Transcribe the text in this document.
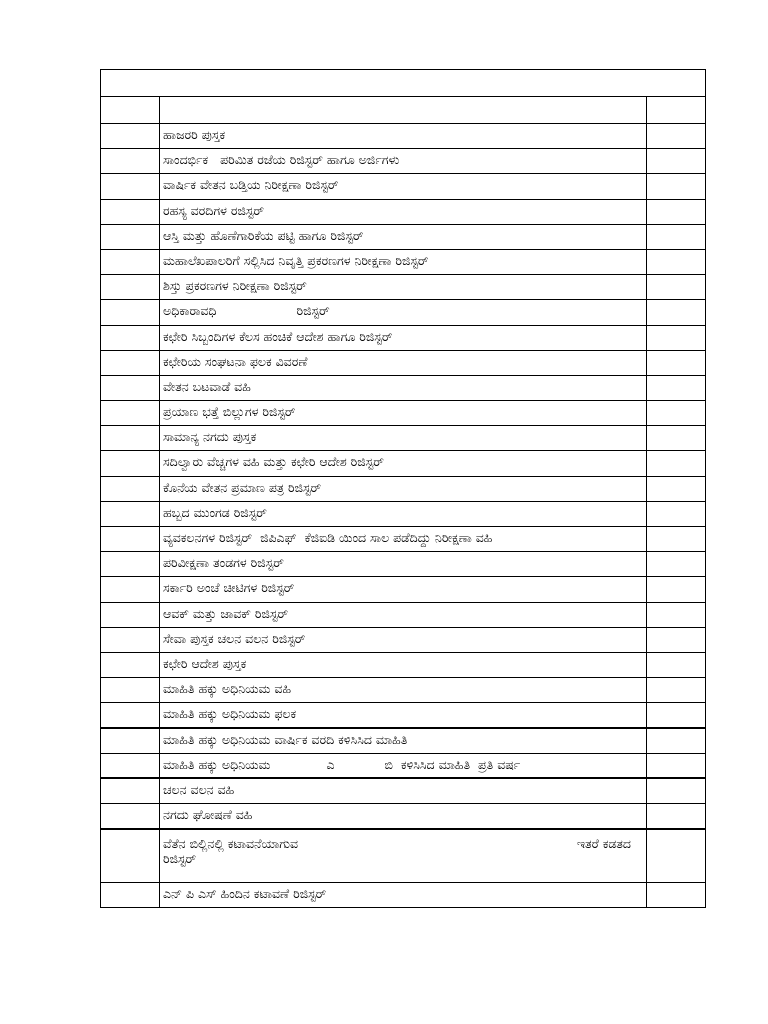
	ಹಾಜರರಿ ಪುಸ್ತಕ	
	ಸಾಂದರ್ಭಿಕ   ಪರಿಮಿತ ರಜೆಯ ರಿಜಿಸ್ಟರ್ ಹಾಗೂ ಅರ್ಜಿಗಳು	
	ವಾರ್ಷಿಕ ವೇತನ ಬಡ್ತಿಯ ನಿರೀಕ್ಷಣಾ ರಿಜಿಸ್ಟರ್	
	ರಹಸ್ಯ ವರದಿಗಳ ರಜಿಸ್ಟರ್	
	ಆಸ್ತಿ ಮತ್ತು ಹೊಣೆಗಾರಿಕೆಯ ಪಟ್ಟಿ ಹಾಗೂ ರಿಜಿಸ್ಟರ್	
	ಮಹಾಲೆಖಪಾಲರಿಗೆ ಸಲ್ಲಿಸಿದ ನಿವೃತ್ತಿ ಪ್ರಕರಣಗಳ ನಿರೀಕ್ಷಣಾ ರಿಜಿಸ್ಟರ್	
	ಶಿಸ್ತು ಪ್ರಕರಣಗಳ ನಿರೀಕ್ಷಣಾ ರಿಜಿಸ್ಟರ್	
	ಅಧಿಕಾರಾವಧಿ ರಿಜಿಸ್ಟರ್	
	ಕಛೇರಿ ಸಿಬ್ಬಂದಿಗಳ ಕೆಲಸ ಹಂಚಿಕೆ ಆದೇಶ ಹಾಗೂ ರಿಜಿಸ್ಟರ್	
	ಕಛೇರಿಯ ಸಂಘಟನಾ ಫಲಕ ವಿವರಣೆ	
	ವೇತನ ಬಟವಾಡೆ ವಹಿ	
	ಪ್ರಯಾಣ ಭತ್ತೆ ಬಿಲ್ಲುಗಳ ರಿಜಿಸ್ಟರ್	
	ಸಾಮಾನ್ಯ ನಗದು ಪುಸ್ತಕ	
	ಸದಿಲ್ವಾರು ವೆಚ್ಚಗಳ ವಹಿ ಮತ್ತು ಕಛೇರಿ ಆದೇಶ ರಿಜಿಸ್ಟರ್	
	ಕೊನೆಯ ವೇತನ ಪ್ರಮಾಣ ಪತ್ರ ರಿಜಿಸ್ಟರ್	
	ಹಬ್ಬದ ಮುಂಗಡ ರಿಜಿಸ್ಟರ್	
	ವ್ಯವಕಲನಗಳ ರಿಜಿಸ್ಟರ್  ಜಿಪಿಎಫ್  ಕೆಜಿಐಡಿ ಯಿಂದ ಸಾಲ ಪಡೆದಿದ್ದು ನಿರೀಕ್ಷಣಾ ವಹಿ	
	ಪರಿವೀಕ್ಷಣಾ ತಂಡಗಳ ರಿಜಿಸ್ಟರ್	
	ಸರ್ಕಾರಿ ಅಂಚೆ ಚೀಟಿಗಳ ರಿಜಿಸ್ಟರ್	
	ಆವಕ್ ಮತ್ತು ಜಾವಕ್ ರಿಜಿಸ್ಟರ್	
	ಸೇವಾ ಪುಸ್ತಕ ಚಲನ ವಲನ ರಿಜಿಸ್ಟರ್	
	ಕಛೇರಿ ಆದೇಶ ಪುಸ್ತಕ	
	ಮಾಹಿತಿ ಹಕ್ಕು ಅಧಿನಿಯಮ ವಹಿ	
	ಮಾಹಿತಿ ಹಕ್ಕು ಅಧಿನಿಯಮ ಫಲಕ	
	ಮಾಹಿತಿ ಹಕ್ಕು ಅಧಿನಿಯಮ ವಾರ್ಷಿಕ ವರದಿ ಕಳಿಸಿಸಿದ ಮಾಹಿತಿ	
	ಮಾಹಿತಿ ಹಕ್ಕು ಅಧಿನಿಯಮ ಎ ಬಿ  ಕಳಿಸಿಸಿದ ಮಾಹಿತಿ  ಪ್ರತಿ ವರ್ಷ	
	ಚಲನ ವಲನ ವಹಿ	
	ನಗದು ಘೋಷಣೆ ವಹಿ	

	ವೆತೆನ ಬಿಲ್ಲಿನಲ್ಲಿ ಕಟಾವನೆಯಾಗುವ ಇತರೆ ಕಡತದ
ರಿಜಿಸ್ಟರ್	

	ಎನ್ ಪಿ ಎಸ್ ಹಿಂದಿನ ಕಟಾವಣೆ ರಿಜಿಸ್ಟರ್	
